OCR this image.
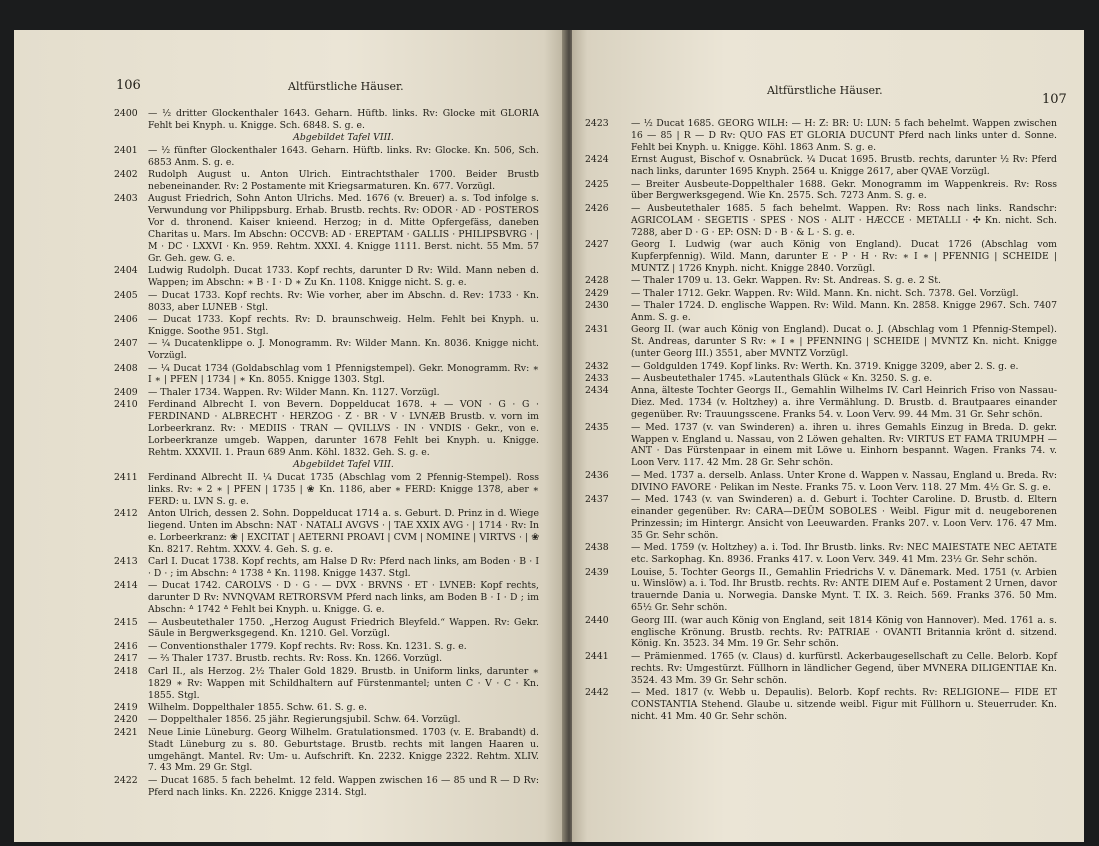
106	Altfürstliche Häuser.
2400	— ½ dritter Glockenthaler 1643. Geharn. Hüftb. links. Rv: Glocke mit GLORIA Fehlt bei Knyph. u. Knigge. Sch. 6848. S. g. e.
Abgebildet Tafel VIII.
2401	— ½ fünfter Glockenthaler 1643. Geharn. Hüftb. links. Rv: Glocke. Kn. 506, Sch. 6853 Anm. S. g. e.
2402	Rudolph August u. Anton Ulrich. Eintrachtsthaler 1700. Beider Brustb nebeneinander. Rv: 2 Postamente mit Kriegsarmaturen. Kn. 677. Vorzügl.
2403	August Friedrich, Sohn Anton Ulrichs. Med. 1676 (v. Breuer) a. s. Tod infolge s. Verwundung vor Philippsburg. Erhab. Brustb. rechts. Rv: ODOR · AD · POSTEROS Vor d. thronend. Kaiser knieend. Herzog; in d. Mitte Opfergefäss, daneben Charitas u. Mars. Im Abschn: OCCVB: AD · EREPTAM · GALLIS · PHILIPSBVRG · | M · DC · LXXVI · Kn. 959. Rehtm. XXXI. 4. Knigge 1111. Berst. nicht. 55 Mm. 57 Gr. Geh. gew. G. e.
2404	Ludwig Rudolph. Ducat 1733. Kopf rechts, darunter D Rv: Wild. Mann neben d. Wappen; im Abschn: ∗ B · I · D ∗ Zu Kn. 1108. Knigge nicht. S. g. e.
2405	— Ducat 1733. Kopf rechts. Rv: Wie vorher, aber im Abschn. d. Rev: 1733 · Kn. 8033, aber LUNEB · Stgl.
2406	— Ducat 1733. Kopf rechts. Rv: D. braunschweig. Helm. Fehlt bei Knyph. u. Knigge. Soothe 951. Stgl.
2407	— ¼ Ducatenklippe o. J. Monogramm. Rv: Wilder Mann. Kn. 8036. Knigge nicht. Vorzügl.
2408	— ¼ Ducat 1734 (Goldabschlag vom 1 Pfennigstempel). Gekr. Monogramm. Rv: ∗ I ∗ | PFEN | 1734 | ∗ Kn. 8055. Knigge 1303. Stgl.
2409	— Thaler 1734. Wappen. Rv: Wilder Mann. Kn. 1127. Vorzügl.
2410	Ferdinand Albrecht I. von Bevern. Doppelducat 1678. + — VON · G · G · FERDINAND · ALBRECHT · HERZOG · Z · BR · V · LVNÆB Brustb. v. vorn im Lorbeerkranz. Rv: · MEDIIS · TRAN — QVILLVS · IN · VNDIS · Gekr., von e. Lorbeerkranze umgeb. Wappen, darunter 1678 Fehlt bei Knyph. u. Knigge. Rehtm. XXXVII. 1. Praun 689 Anm. Köhl. 1832. Geh. S. g. e.
Abgebildet Tafel VIII.
2411	Ferdinand Albrecht II. ¼ Ducat 1735 (Abschlag vom 2 Pfennig-Stempel). Ross links. Rv: ∗ 2 ∗ | PFEN | 1735 | ❀ Kn. 1186, aber ∗ FERD: Knigge 1378, aber ∗ FERD: u. LVN S. g. e.
2412	Anton Ulrich, dessen 2. Sohn. Doppelducat 1714 a. s. Geburt. D. Prinz in d. Wiege liegend. Unten im Abschn: NAT · NATALI AVGVS · | TAE XXIX AVG · | 1714 · Rv: In e. Lorbeerkranz: ❀ | EXCITAT | AETERNI PROAVI | CVM | NOMINE | VIRTVS · | ❀ Kn. 8217. Rehtm. XXXV. 4. Geh. S. g. e.
2413	Carl I. Ducat 1738. Kopf rechts, am Halse D Rv: Pferd nach links, am Boden · B · I · D · ; im Abschn: ᐞ 1738 ᐞ Kn. 1198. Knigge 1437. Stgl.
2414	— Ducat 1742. CAROLVS · D · G · — DVX · BRVNS · ET · LVNEB: Kopf rechts, darunter D Rv: NVNQVAM RETRORSVM Pferd nach links, am Boden B · I · D ; im Abschn: ᐞ 1742 ᐞ Fehlt bei Knyph. u. Knigge. G. e.
2415	— Ausbeutethaler 1750. „Herzog August Friedrich Bleyfeld.“ Wappen. Rv: Gekr. Säule in Bergwerksgegend. Kn. 1210. Gel. Vorzügl.
2416	— Conventionsthaler 1779. Kopf rechts. Rv: Ross. Kn. 1231. S. g. e.
2417	— ⅔ Thaler 1737. Brustb. rechts. Rv: Ross. Kn. 1266. Vorzügl.
2418	Carl II., als Herzog. 2½ Thaler Gold 1829. Brustb. in Uniform links, darunter ∗ 1829 ∗ Rv: Wappen mit Schildhaltern auf Fürstenmantel; unten C · V · C · Kn. 1855. Stgl.
2419	Wilhelm. Doppelthaler 1855. Schw. 61. S. g. e.
2420	— Doppelthaler 1856. 25 jähr. Regierungsjubil. Schw. 64. Vorzügl.
2421	Neue Linie Lüneburg. Georg Wilhelm. Gratulationsmed. 1703 (v. E. Brabandt) d. Stadt Lüneburg zu s. 80. Geburtstage. Brustb. rechts mit langen Haaren u. umgehängt. Mantel. Rv: Um- u. Aufschrift. Kn. 2232. Knigge 2322. Rehtm. XLIV. 7. 43 Mm. 29 Gr. Stgl.
2422	— Ducat 1685. 5 fach behelmt. 12 feld. Wappen zwischen 16 — 85 und R — D Rv: Pferd nach links. Kn. 2226. Knigge 2314. Stgl.
Altfürstliche Häuser.
107
2423	— ½ Ducat 1685. GEORG WILH: — H: Z: BR: U: LUN: 5 fach behelmt. Wappen zwischen 16 — 85 | R — D Rv: QUO FAS ET GLORIA DUCUNT Pferd nach links unter d. Sonne. Fehlt bei Knyph. u. Knigge. Köhl. 1863 Anm. S. g. e.
2424	Ernst August, Bischof v. Osnabrück. ¼ Ducat 1695. Brustb. rechts, darunter ½ Rv: Pferd nach links, darunter 1695 Knyph. 2564 u. Knigge 2617, aber QVAE Vorzügl.
2425	— Breiter Ausbeute-Doppelthaler 1688. Gekr. Monogramm im Wappenkreis. Rv: Ross über Bergwerksgegend. Wie Kn. 2575. Sch. 7273 Anm. S. g. e.
2426	— Ausbeutethaler 1685. 5 fach behelmt. Wappen. Rv: Ross nach links. Randschr: AGRICOLAM · SEGETIS · SPES · NOS · ALIT · HÆCCE · METALLI · ✣ Kn. nicht. Sch. 7288, aber D · G · EP: OSN: D · B · & L · S. g. e.
2427	Georg I. Ludwig (war auch König von England). Ducat 1726 (Abschlag vom Kupferpfennig). Wild. Mann, darunter E · P · H · Rv: ∗ I ∗ | PFENNIG | SCHEIDE | MUNTZ | 1726 Knyph. nicht. Knigge 2840. Vorzügl.
2428	— Thaler 1709 u. 13. Gekr. Wappen. Rv: St. Andreas. S. g. e. 2 St.
2429	— Thaler 1712. Gekr. Wappen. Rv: Wild. Mann. Kn. nicht. Sch. 7378. Gel. Vorzügl.
2430	— Thaler 1724. D. englische Wappen. Rv: Wild. Mann. Kn. 2858. Knigge 2967. Sch. 7407 Anm. S. g. e.
2431	Georg II. (war auch König von England). Ducat o. J. (Abschlag vom 1 Pfennig-Stempel). St. Andreas, darunter S Rv: ∗ I ∗ | PFENNING | SCHEIDE | MVNTZ Kn. nicht. Knigge (unter Georg III.) 3551, aber MVNTZ Vorzügl.
2432	— Goldgulden 1749. Kopf links. Rv: Werth. Kn. 3719. Knigge 3209, aber 2. S. g. e.
2433	— Ausbeutethaler 1745. »Lautenthals Glück « Kn. 3250. S. g. e.
2434	Anna, älteste Tochter Georgs II., Gemahlin Wilhelms IV. Carl Heinrich Friso von Nassau-Diez. Med. 1734 (v. Holtzhey) a. ihre Vermählung. D. Brustb. d. Brautpaares einander gegenüber. Rv: Trauungsscene. Franks 54. v. Loon Verv. 99. 44 Mm. 31 Gr. Sehr schön.
2435	— Med. 1737 (v. van Swinderen) a. ihren u. ihres Gemahls Einzug in Breda. D. gekr. Wappen v. England u. Nassau, von 2 Löwen gehalten. Rv: VIRTUS ET FAMA TRIUMPH — ANT · Das Fürstenpaar in einem mit Löwe u. Einhorn bespannt. Wagen. Franks 74. v. Loon Verv. 117. 42 Mm. 28 Gr. Sehr schön.
2436	— Med. 1737 a. derselb. Anlass. Unter Krone d. Wappen v. Nassau, England u. Breda. Rv: DIVINO FAVORE · Pelikan im Neste. Franks 75. v. Loon Verv. 118. 27 Mm. 4½ Gr. S. g. e.
2437	— Med. 1743 (v. van Swinderen) a. d. Geburt i. Tochter Caroline. D. Brustb. d. Eltern einander gegenüber. Rv: CARA—DEŪM SOBOLES · Weibl. Figur mit d. neugeborenen Prinzessin; im Hintergr. Ansicht von Leeuwarden. Franks 207. v. Loon Verv. 176. 47 Mm. 35 Gr. Sehr schön.
2438	— Med. 1759 (v. Holtzhey) a. i. Tod. Ihr Brustb. links. Rv: NEC MAIESTATE NEC AETATE etc. Sarkophag. Kn. 8936. Franks 417. v. Loon Verv. 349. 41 Mm. 23½ Gr. Sehr schön.
2439	Louise, 5. Tochter Georgs II., Gemahlin Friedrichs V. v. Dänemark. Med. 1751 (v. Arbien u. Winslöw) a. i. Tod. Ihr Brustb. rechts. Rv: ANTE DIEM Auf e. Postament 2 Urnen, davor trauernde Dania u. Norwegia. Danske Mynt. T. IX. 3. Reich. 569. Franks 376. 50 Mm. 65½ Gr. Sehr schön.
2440	Georg III. (war auch König von England, seit 1814 König von Hannover). Med. 1761 a. s. englische Krönung. Brustb. rechts. Rv: PATRIAE · OVANTI Britannia krönt d. sitzend. König. Kn. 3523. 34 Mm. 19 Gr. Sehr schön.
2441	— Prämienmed. 1765 (v. Claus) d. kurfürstl. Ackerbaugesellschaft zu Celle. Belorb. Kopf rechts. Rv: Umgestürzt. Füllhorn in ländlicher Gegend, über MVNERA DILIGENTIAE Kn. 3524. 43 Mm. 39 Gr. Sehr schön.
2442	— Med. 1817 (v. Webb u. Depaulis). Belorb. Kopf rechts. Rv: RELIGIONE— FIDE ET CONSTANTIA Stehend. Glaube u. sitzende weibl. Figur mit Füllhorn u. Steuerruder. Kn. nicht. 41 Mm. 40 Gr. Sehr schön.
